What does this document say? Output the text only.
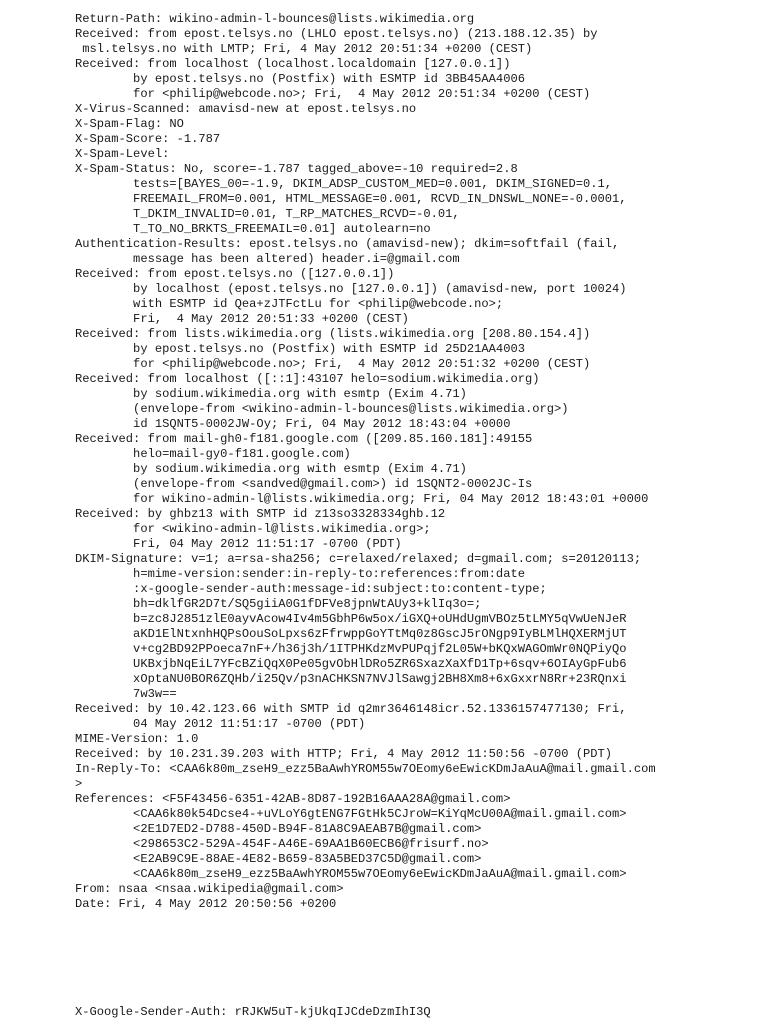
Return-Path: wikino-admin-l-bounces@lists.wikimedia.org
Received: from epost.telsys.no (LHLO epost.telsys.no) (213.188.12.35) by
msl.telsys.no with LMTP; Fri, 4 May 2012 20:51:34 +0200 (CEST)
Received: from localhost (localhost.localdomain [127.0.0.1])
by epost.telsys.no (Postfix) with ESMTP id 3BB45AA4006
for <philip@webcode.no>; Fri,  4 May 2012 20:51:34 +0200 (CEST)
X-Virus-Scanned: amavisd-new at epost.telsys.no
X-Spam-Flag: NO
X-Spam-Score: -1.787
X-Spam-Level:
X-Spam-Status: No, score=-1.787 tagged_above=-10 required=2.8
tests=[BAYES_00=-1.9, DKIM_ADSP_CUSTOM_MED=0.001, DKIM_SIGNED=0.1,
FREEMAIL_FROM=0.001, HTML_MESSAGE=0.001, RCVD_IN_DNSWL_NONE=-0.0001,
T_DKIM_INVALID=0.01, T_RP_MATCHES_RCVD=-0.01,
T_TO_NO_BRKTS_FREEMAIL=0.01] autolearn=no
Authentication-Results: epost.telsys.no (amavisd-new); dkim=softfail (fail,
message has been altered) header.i=@gmail.com
Received: from epost.telsys.no ([127.0.0.1])
by localhost (epost.telsys.no [127.0.0.1]) (amavisd-new, port 10024)
with ESMTP id Qea+zJTFctLu for <philip@webcode.no>;
Fri,  4 May 2012 20:51:33 +0200 (CEST)
Received: from lists.wikimedia.org (lists.wikimedia.org [208.80.154.4])
by epost.telsys.no (Postfix) with ESMTP id 25D21AA4003
for <philip@webcode.no>; Fri,  4 May 2012 20:51:32 +0200 (CEST)
Received: from localhost ([::1]:43107 helo=sodium.wikimedia.org)
by sodium.wikimedia.org with esmtp (Exim 4.71)
(envelope-from <wikino-admin-l-bounces@lists.wikimedia.org>)
id 1SQNT5-0002JW-Oy; Fri, 04 May 2012 18:43:04 +0000
Received: from mail-gh0-f181.google.com ([209.85.160.181]:49155
helo=mail-gy0-f181.google.com)
by sodium.wikimedia.org with esmtp (Exim 4.71)
(envelope-from <sandved@gmail.com>) id 1SQNT2-0002JC-Is
for wikino-admin-l@lists.wikimedia.org; Fri, 04 May 2012 18:43:01 +0000
Received: by ghbz13 with SMTP id z13so3328334ghb.12
for <wikino-admin-l@lists.wikimedia.org>;
Fri, 04 May 2012 11:51:17 -0700 (PDT)
DKIM-Signature: v=1; a=rsa-sha256; c=relaxed/relaxed; d=gmail.com; s=20120113;
h=mime-version:sender:in-reply-to:references:from:date
:x-google-sender-auth:message-id:subject:to:content-type;
bh=dklfGR2D7t/SQ5giiA0G1fDFVe8jpnWtAUy3+klIq3o=;
b=zc8J2851zlE0ayvAcow4Iv4m5GbhP6w5ox/iGXQ+oUHdUgmVBOz5tLMY5qVwUeNJeR
aKD1ElNtxnhHQPsOouSoLpxs6zFfrwppGoYTtMq0z8GscJ5rONgp9IyBLMlHQXERMjUT
v+cg2BD92PPoeca7nF+/h36j3h/1ITPHKdzMvPUPqjf2L05W+bKQxWAGOmWr0NQPiyQo
UKBxjbNqEiL7YFcBZiQqX0Pe05gvObHlDRo5ZR6SxazXaXfD1Tp+6sqv+6OIAyGpFub6
xOptaNU0BOR6ZQHb/i25Qv/p3nACHKSN7NVJlSawgj2BH8Xm8+6xGxxrN8Rr+23RQnxi
7w3w==
Received: by 10.42.123.66 with SMTP id q2mr3646148icr.52.1336157477130; Fri,
04 May 2012 11:51:17 -0700 (PDT)
MIME-Version: 1.0
Received: by 10.231.39.203 with HTTP; Fri, 4 May 2012 11:50:56 -0700 (PDT)
In-Reply-To: <CAA6k80m_zseH9_ezz5BaAwhYROM55w7OEomy6eEwicKDmJaAuA@mail.gmail.com
>
References: <F5F43456-6351-42AB-8D87-192B16AAA28A@gmail.com>
<CAA6k80k54Dcse4-+uVLoY6gtENG7FGtHk5CJroW=KiYqMcU00A@mail.gmail.com>
<2E1D7ED2-D788-450D-B94F-81A8C9AEAB7B@gmail.com>
<298653C2-529A-454F-A46E-69AA1B60ECB6@frisurf.no>
<E2AB9C9E-88AE-4E82-B659-83A5BED37C5D@gmail.com>
<CAA6k80m_zseH9_ezz5BaAwhYROM55w7OEomy6eEwicKDmJaAuA@mail.gmail.com>
From: nsaa <nsaa.wikipedia@gmail.com>
Date: Fri, 4 May 2012 20:50:56 +0200
X-Google-Sender-Auth: rRJKW5uT-kjUkqIJCdeDzmIhI3Q
